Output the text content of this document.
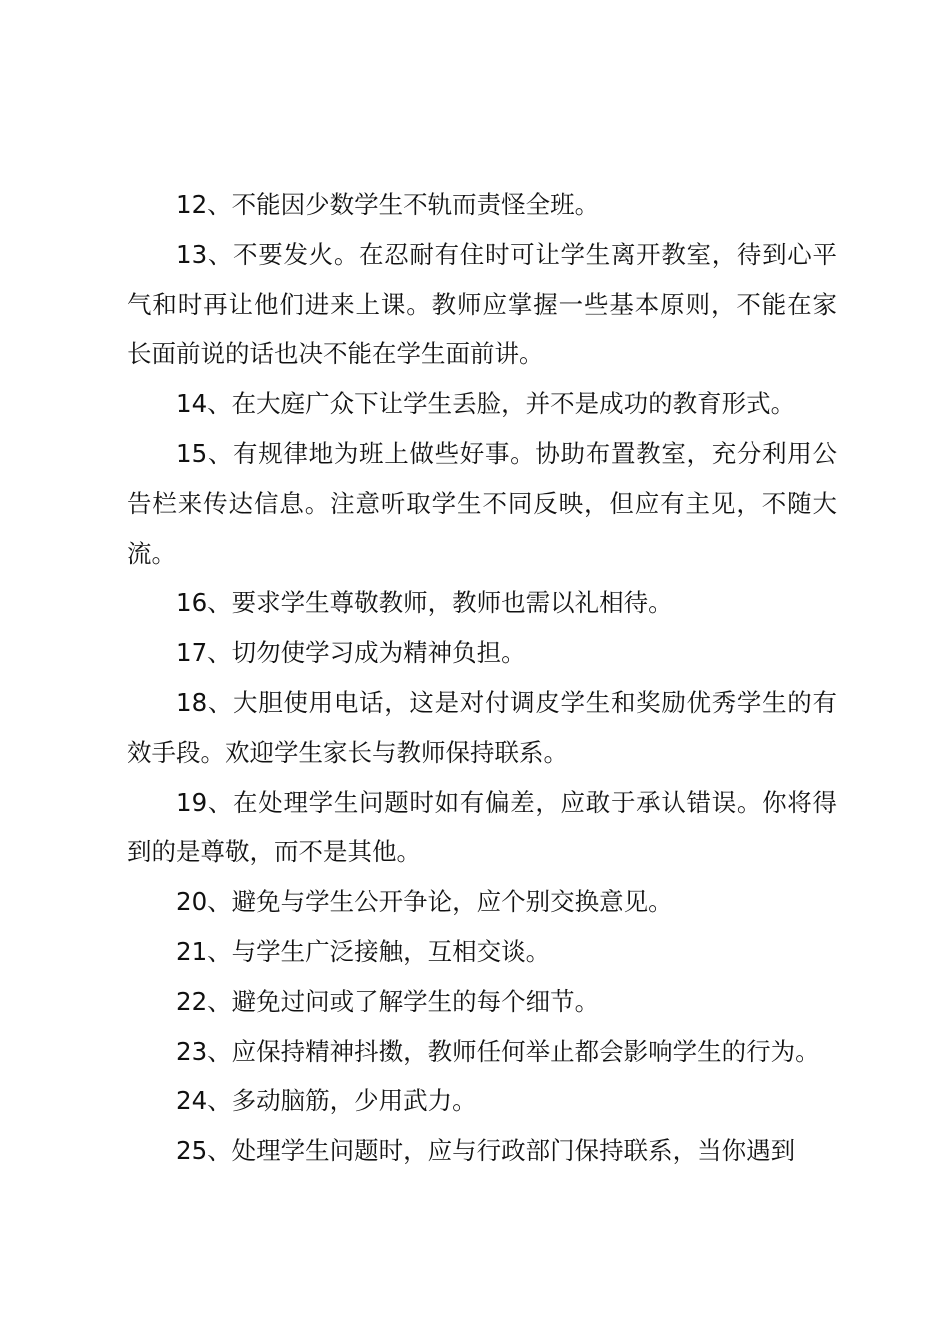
12、不能因少数学生不轨而责怪全班。

13、不要发火。在忍耐有住时可让学生离开教室，待到心平气和时再让他们进来上课。教师应掌握一些基本原则，不能在家长面前说的话也决不能在学生面前讲。

14、在大庭广众下让学生丢脸，并不是成功的教育形式。

15、有规律地为班上做些好事。协助布置教室，充分利用公告栏来传达信息。注意听取学生不同反映，但应有主见，不随大流。

16、要求学生尊敬教师，教师也需以礼相待。

17、切勿使学习成为精神负担。

18、大胆使用电话，这是对付调皮学生和奖励优秀学生的有效手段。欢迎学生家长与教师保持联系。

19、在处理学生问题时如有偏差，应敢于承认错误。你将得到的是尊敬，而不是其他。

20、避免与学生公开争论，应个别交换意见。

21、与学生广泛接触，互相交谈。

22、避免过问或了解学生的每个细节。

23、应保持精神抖擞，教师任何举止都会影响学生的行为。

24、多动脑筋，少用武力。

25、处理学生问题时，应与行政部门保持联系，当你遇到
